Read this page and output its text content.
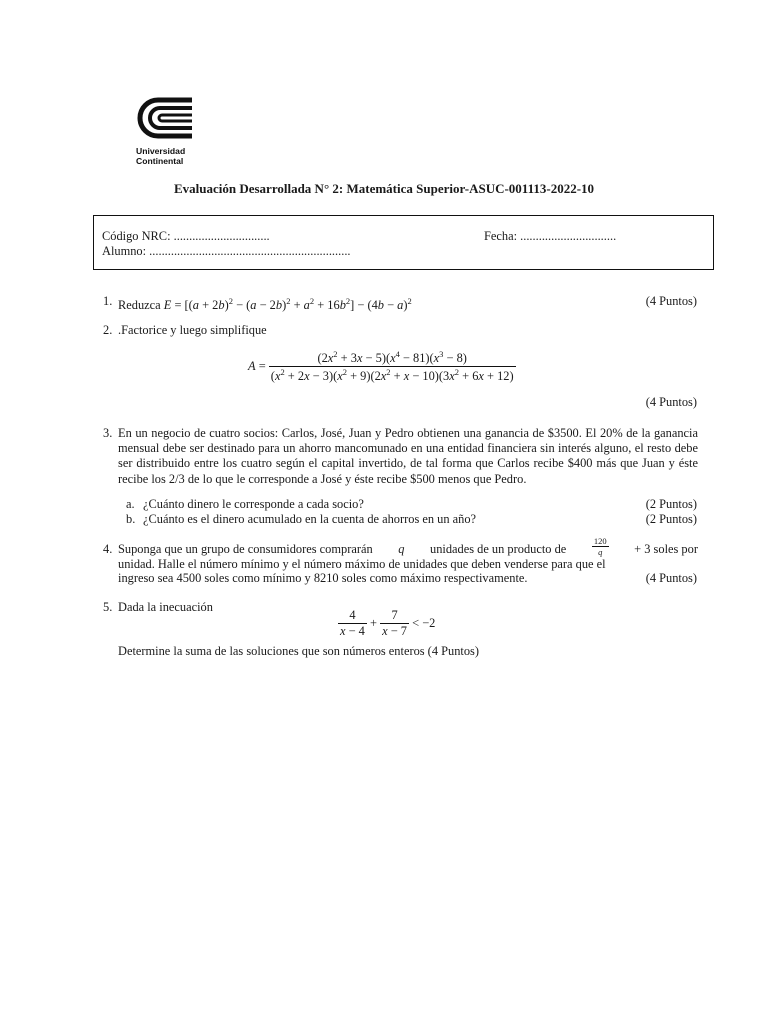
Universidad
Continental
Evaluación Desarrollada N° 2: Matemática Superior-ASUC-001113-2022-10
Código NRC: ...............................	Fecha: ...............................
Alumno: .................................................................
1. Reduzca $E = [(a + 2b)^2 - (a - 2b)^2 + a^2 + 16b^2] - (4b - a)^2$	(4 Puntos)
2. .Factorice y luego simplifique
$A = \frac{(2x^2 + 3x - 5)(x^4 - 81)(x^3 - 8)}{(x^2 + 2x - 3)(x^2 + 9)(2x^2 + x - 10)(3x^2 + 6x + 12)}$
(4 Puntos)
3. En un negocio de cuatro socios: Carlos, José, Juan y Pedro obtienen una ganancia de $3500. El 20% de la ganancia mensual debe ser destinado para un ahorro mancomunado en una entidad financiera sin interés alguno, el resto debe ser distribuido entre los cuatro según el capital invertido, de tal forma que Carlos recibe $400 más que Juan y éste recibe los 2/3 de lo que le corresponde a José y éste recibe $500 menos que Pedro.
a. ¿Cuánto dinero le corresponde a cada socio?	(2 Puntos)
b. ¿Cuánto es el dinero acumulado en la cuenta de ahorros en un año?	(2 Puntos)
4. Suponga que un grupo de consumidores comprarán q unidades de un producto de	$\frac{120}{q} + 3$ soles por
unidad. Halle el número mínimo y el número máximo de unidades que deben venderse para que el
ingreso sea 4500 soles como mínimo y 8210 soles como máximo respectivamente.	(4 Puntos)
5. Dada la inecuación
$\frac{4}{x - 4} + \frac{7}{x - 7} < -2$
Determine la suma de las soluciones que son números enteros (4 Puntos)
